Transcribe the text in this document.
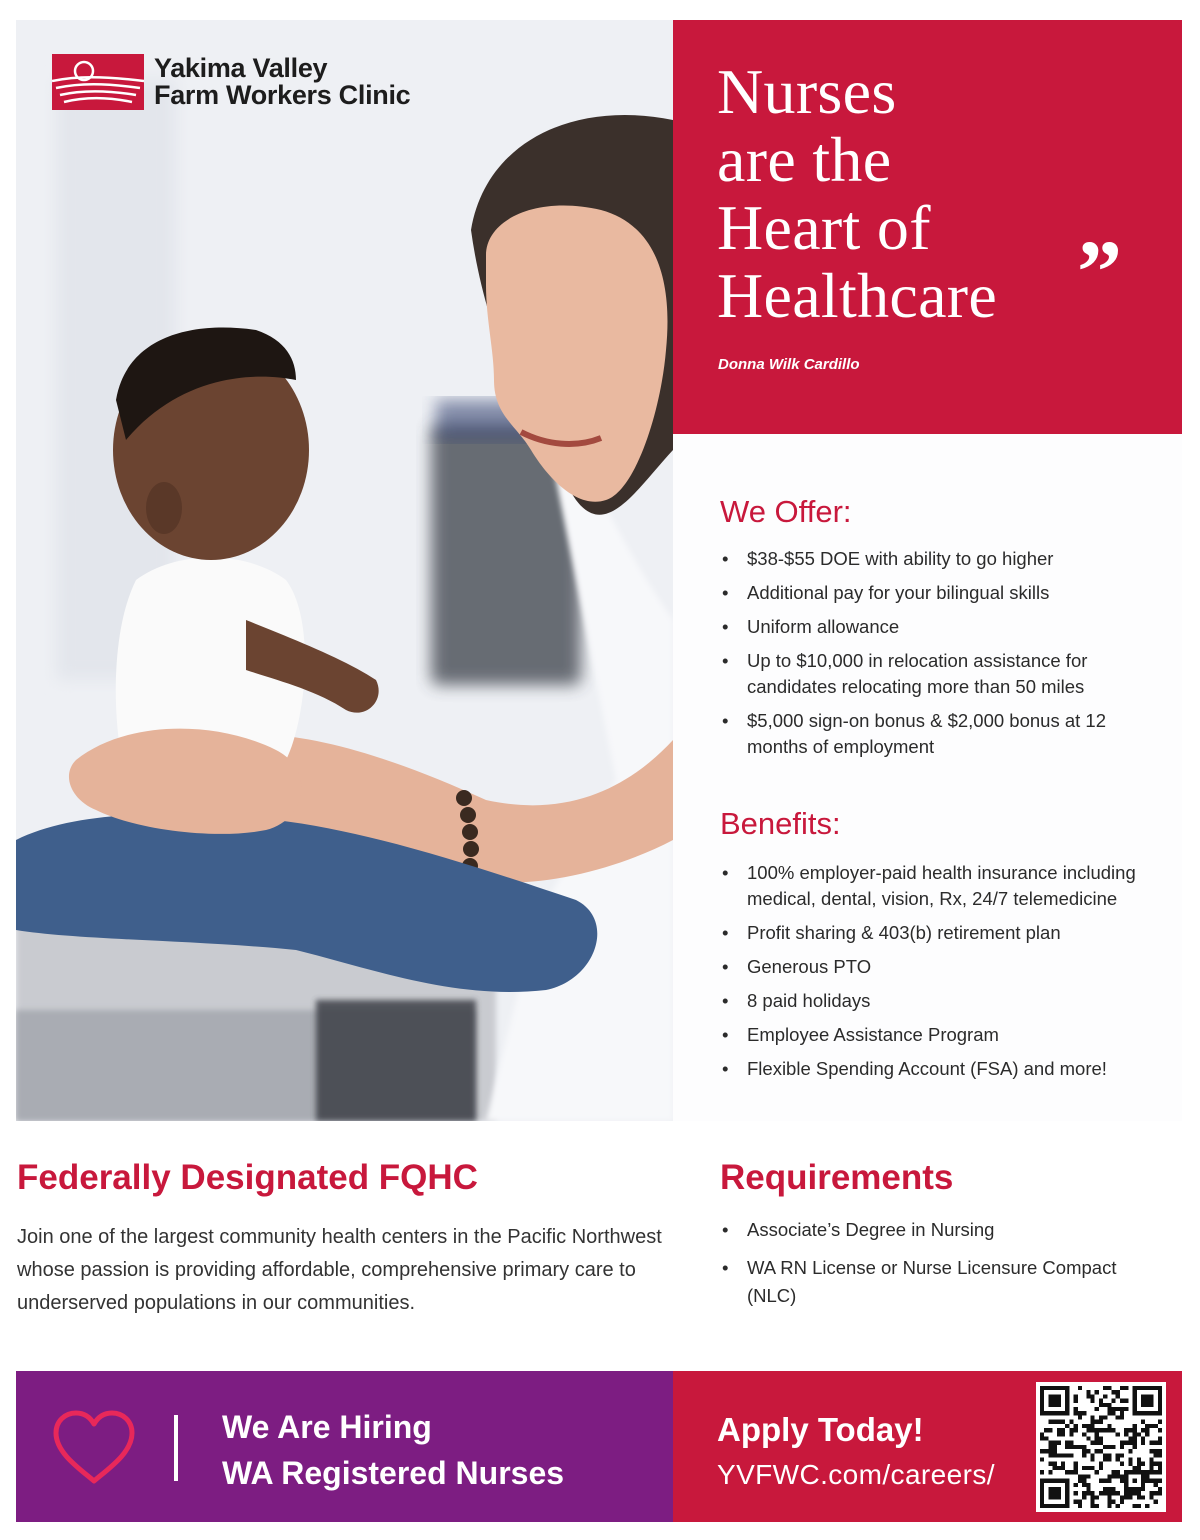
Yakima Valley
Farm Workers Clinic	Nurses
are the
Heart of
Healthcare ”
Donna Wilk Cardillo
We Offer:
• $38-$55 DOE with ability to go higher
• Additional pay for your bilingual skills
• Uniform allowance
• Up to $10,000 in relocation assistance for candidates relocating more than 50 miles
• $5,000 sign-on bonus & $2,000 bonus at 12 months of employment
Benefits:
• 100% employer-paid health insurance including medical, dental, vision, Rx, 24/7 telemedicine
• Profit sharing & 403(b) retirement plan
• Generous PTO
• 8 paid holidays
• Employee Assistance Program
• Flexible Spending Account (FSA) and more!
Federally Designated FQHC

Join one of the largest community health centers in the Pacific Northwest whose passion is providing affordable, comprehensive primary care to underserved populations in our communities.

Requirements
• Associate’s Degree in Nursing
• WA RN License or Nurse Licensure Compact (NLC)
We Are Hiring
WA Registered Nurses
Apply Today!
YVFWC.com/careers/
